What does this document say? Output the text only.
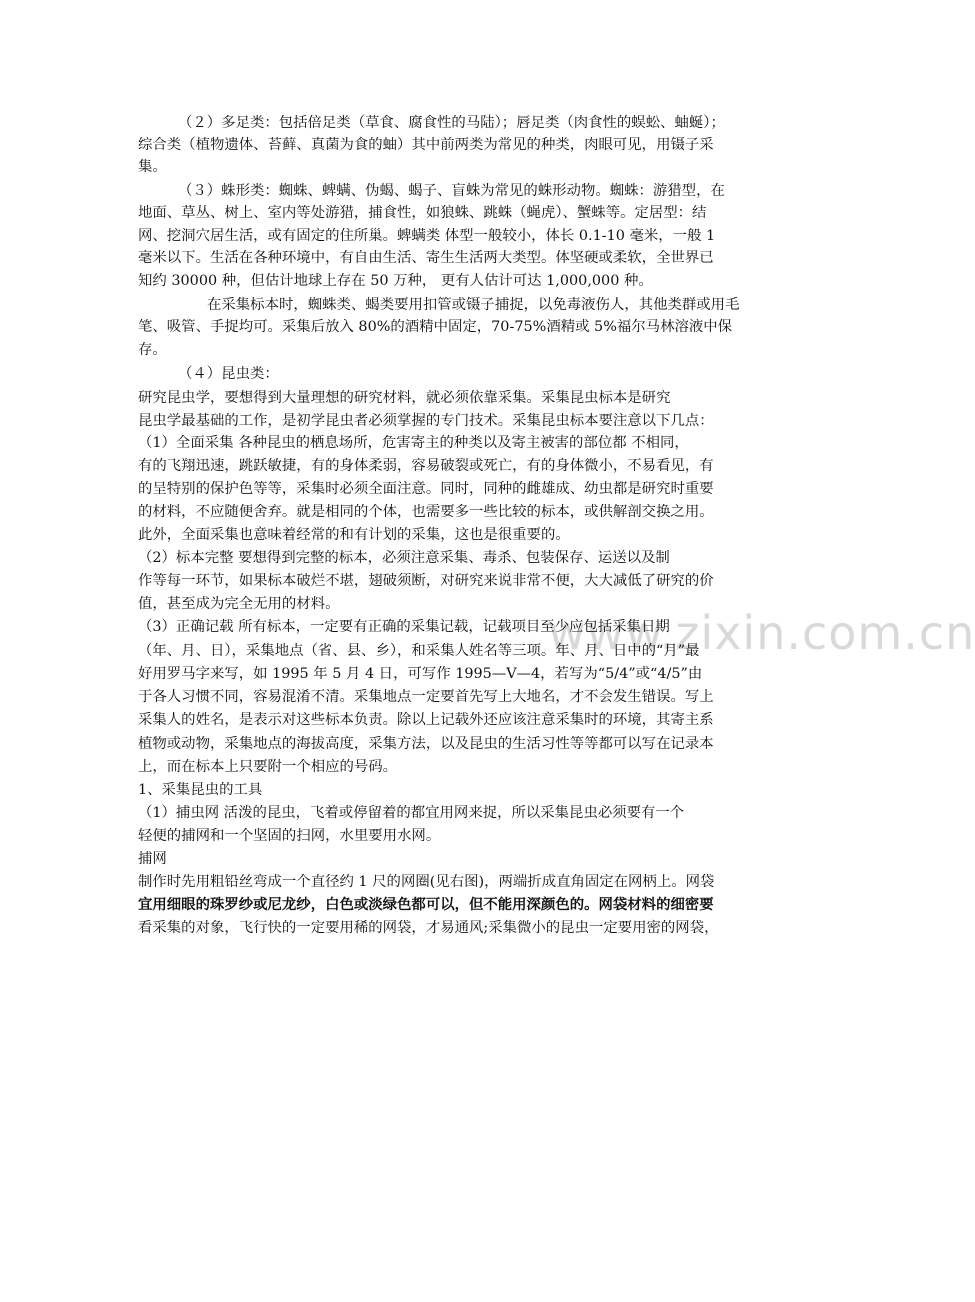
www.zixin.com.cn
（２）多足类：包括倍足类（草食、腐食性的马陆）；唇足类（肉食性的蜈蚣、蚰蜒）；
综合类（植物遗体、苔藓、真菌为食的蚰）其中前两类为常见的种类，肉眼可见，用镊子采
集。
（３）蛛形类：蜘蛛、蜱螨、伪蝎、蝎子、盲蛛为常见的蛛形动物。蜘蛛：游猎型，在
地面、草丛、树上、室内等处游猎，捕食性，如狼蛛、跳蛛（蝇虎）、蟹蛛等。定居型：结
网、挖洞穴居生活，或有固定的住所巢。蜱螨类 体型一般较小，体长 0.1-10 毫米，一般 1
毫米以下。生活在各种环境中，有自由生活、寄生生活两大类型。体坚硬或柔软，全世界已
知约 30000 种，但估计地球上存在 50 万种， 更有人估计可达 1,000,000 种。
在采集标本时，蜘蛛类、蝎类要用扣管或镊子捕捉，以免毒液伤人，其他类群或用毛
笔、吸管、手捉均可。采集后放入 80%的酒精中固定，70-75%酒精或 5%福尔马林溶液中保
存。
（４）昆虫类：
研究昆虫学，要想得到大量理想的研究材料，就必须依靠采集。采集昆虫标本是研究
昆虫学最基础的工作，是初学昆虫者必须掌握的专门技术。采集昆虫标本要注意以下几点：
（1）全面采集 各种昆虫的栖息场所，危害寄主的种类以及寄主被害的部位都 不相同，
有的飞翔迅速，跳跃敏捷，有的身体柔弱，容易破裂或死亡，有的身体微小，不易看见，有
的呈特别的保护色等等，采集时必须全面注意。同时，同种的雌雄成、幼虫都是研究时重要
的材料，不应随便舍弃。就是相同的个体，也需要多一些比较的标本，或供解剖交换之用。
此外，全面采集也意味着经常的和有计划的采集，这也是很重要的。
（2）标本完整 要想得到完整的标本，必须注意采集、毒杀、包装保存、运送以及制
作等每一环节，如果标本破烂不堪，翅破须断，对研究来说非常不便，大大减低了研究的价
值，甚至成为完全无用的材料。
（3）正确记载 所有标本，一定要有正确的采集记载，记载项目至少应包括采集日期
（年、月、日），采集地点（省、县、乡），和采集人姓名等三项。年、月、日中的“月”最
好用罗马字来写，如 1995 年 5 月 4 日，可写作 1995—V—4，若写为“5/4”或“4/5”由
于各人习惯不同，容易混淆不清。采集地点一定要首先写上大地名，才不会发生错误。写上
采集人的姓名，是表示对这些标本负责。除以上记载外还应该注意采集时的环境，其寄主系
植物或动物，采集地点的海拔高度，采集方法，以及昆虫的生活习性等等都可以写在记录本
上，而在标本上只要附一个相应的号码。
1、采集昆虫的工具
（1）捕虫网 活泼的昆虫，飞着或停留着的都宜用网来捉，所以采集昆虫必须要有一个
轻便的捕网和一个坚固的扫网，水里要用水网。
捕网
制作时先用粗铅丝弯成一个直径约 1 尺的网圈(见右图)，两端折成直角固定在网柄上。网袋
宜用细眼的珠罗纱或尼龙纱，白色或淡绿色都可以，但不能用深颜色的。网袋材料的细密要
看采集的对象，飞行快的一定要用稀的网袋，才易通风;采集微小的昆虫一定要用密的网袋，
